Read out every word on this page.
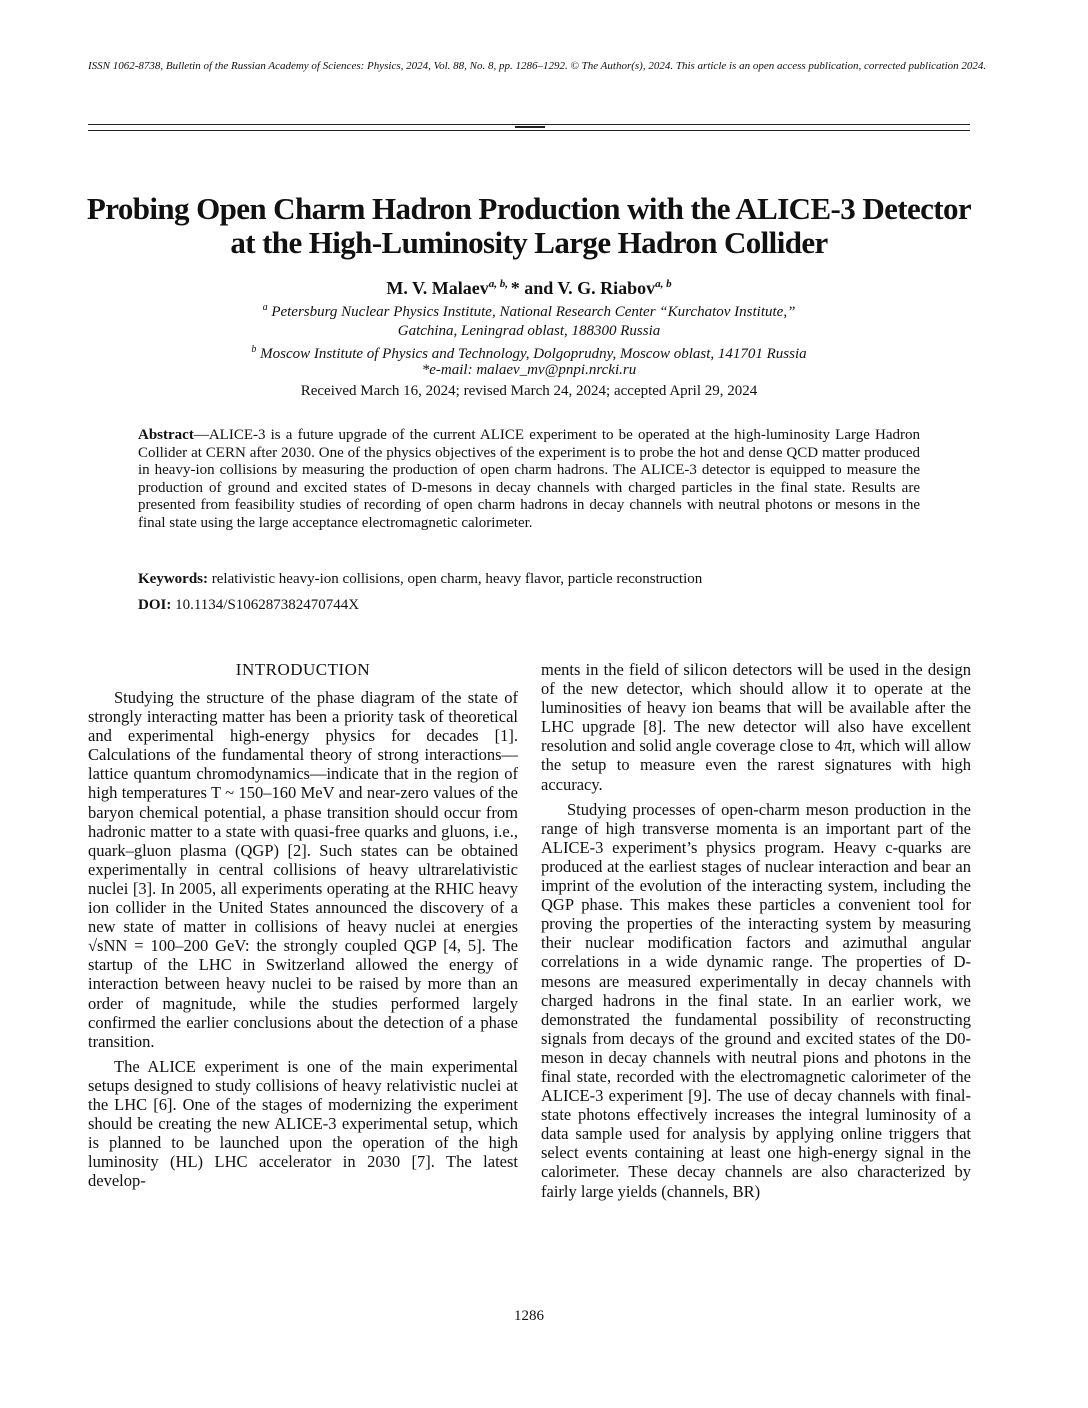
ISSN 1062-8738, Bulletin of the Russian Academy of Sciences: Physics, 2024, Vol. 88, No. 8, pp. 1286–1292. © The Author(s), 2024. This article is an open access publication, corrected publication 2024.
Probing Open Charm Hadron Production with the ALICE-3 Detector
at the High-Luminosity Large Hadron Collider
M. V. Malaev$^{a, b,}$ * and V. G. Riabov$^{a, b}$
$^a$ Petersburg Nuclear Physics Institute, National Research Center “Kurchatov Institute,”
Gatchina, Leningrad oblast, 188300 Russia
$^b$ Moscow Institute of Physics and Technology, Dolgoprudny, Moscow oblast, 141701 Russia
*e-mail: malaev_mv@pnpi.nrcki.ru
Received March 16, 2024; revised March 24, 2024; accepted April 29, 2024
Abstract—ALICE-3 is a future upgrade of the current ALICE experiment to be operated at the high-luminosity Large Hadron Collider at CERN after 2030. One of the physics objectives of the experiment is to probe the hot and dense QCD matter produced in heavy-ion collisions by measuring the production of open charm hadrons. The ALICE-3 detector is equipped to measure the production of ground and excited states of D-mesons in decay channels with charged particles in the final state. Results are presented from feasibility studies of recording of open charm hadrons in decay channels with neutral photons or mesons in the final state using the large acceptance electromagnetic calorimeter.
Keywords: relativistic heavy-ion collisions, open charm, heavy flavor, particle reconstruction
DOI: 10.1134/S106287382470744X
INTRODUCTION

Studying the structure of the phase diagram of the state of strongly interacting matter has been a priority task of theoretical and experimental high-energy physics for decades [1]. Calculations of the fundamental theory of strong interactions—lattice quantum chromodynamics—indicate that in the region of high temperatures T ~ 150–160 MeV and near-zero values of the baryon chemical potential, a phase transition should occur from hadronic matter to a state with quasi-free quarks and gluons, i.e., quark–gluon plasma (QGP) [2]. Such states can be obtained experimentally in central collisions of heavy ultrarelativistic nuclei [3]. In 2005, all experiments operating at the RHIC heavy ion collider in the United States announced the discovery of a new state of matter in collisions of heavy nuclei at energies √sNN = 100–200 GeV: the strongly coupled QGP [4, 5]. The startup of the LHC in Switzerland allowed the energy of interaction between heavy nuclei to be raised by more than an order of magnitude, while the studies performed largely confirmed the earlier conclusions about the detection of a phase transition.

The ALICE experiment is one of the main experimental setups designed to study collisions of heavy relativistic nuclei at the LHC [6]. One of the stages of modernizing the experiment should be creating the new ALICE-3 experimental setup, which is planned to be launched upon the operation of the high luminosity (HL) LHC accelerator in 2030 [7]. The latest develop-

ments in the field of silicon detectors will be used in the design of the new detector, which should allow it to operate at the luminosities of heavy ion beams that will be available after the LHC upgrade [8]. The new detector will also have excellent resolution and solid angle coverage close to 4π, which will allow the setup to measure even the rarest signatures with high accuracy.

Studying processes of open-charm meson production in the range of high transverse momenta is an important part of the ALICE-3 experiment’s physics program. Heavy c-quarks are produced at the earliest stages of nuclear interaction and bear an imprint of the evolution of the interacting system, including the QGP phase. This makes these particles a convenient tool for proving the properties of the interacting system by measuring their nuclear modification factors and azimuthal angular correlations in a wide dynamic range. The properties of D-mesons are measured experimentally in decay channels with charged hadrons in the final state. In an earlier work, we demonstrated the fundamental possibility of reconstructing signals from decays of the ground and excited states of the D0-meson in decay channels with neutral pions and photons in the final state, recorded with the electromagnetic calorimeter of the ALICE-3 experiment [9]. The use of decay channels with final-state photons effectively increases the integral luminosity of a data sample used for analysis by applying online triggers that select events containing at least one high-energy signal in the calorimeter. These decay channels are also characterized by fairly large yields (channels, BR)

1286
